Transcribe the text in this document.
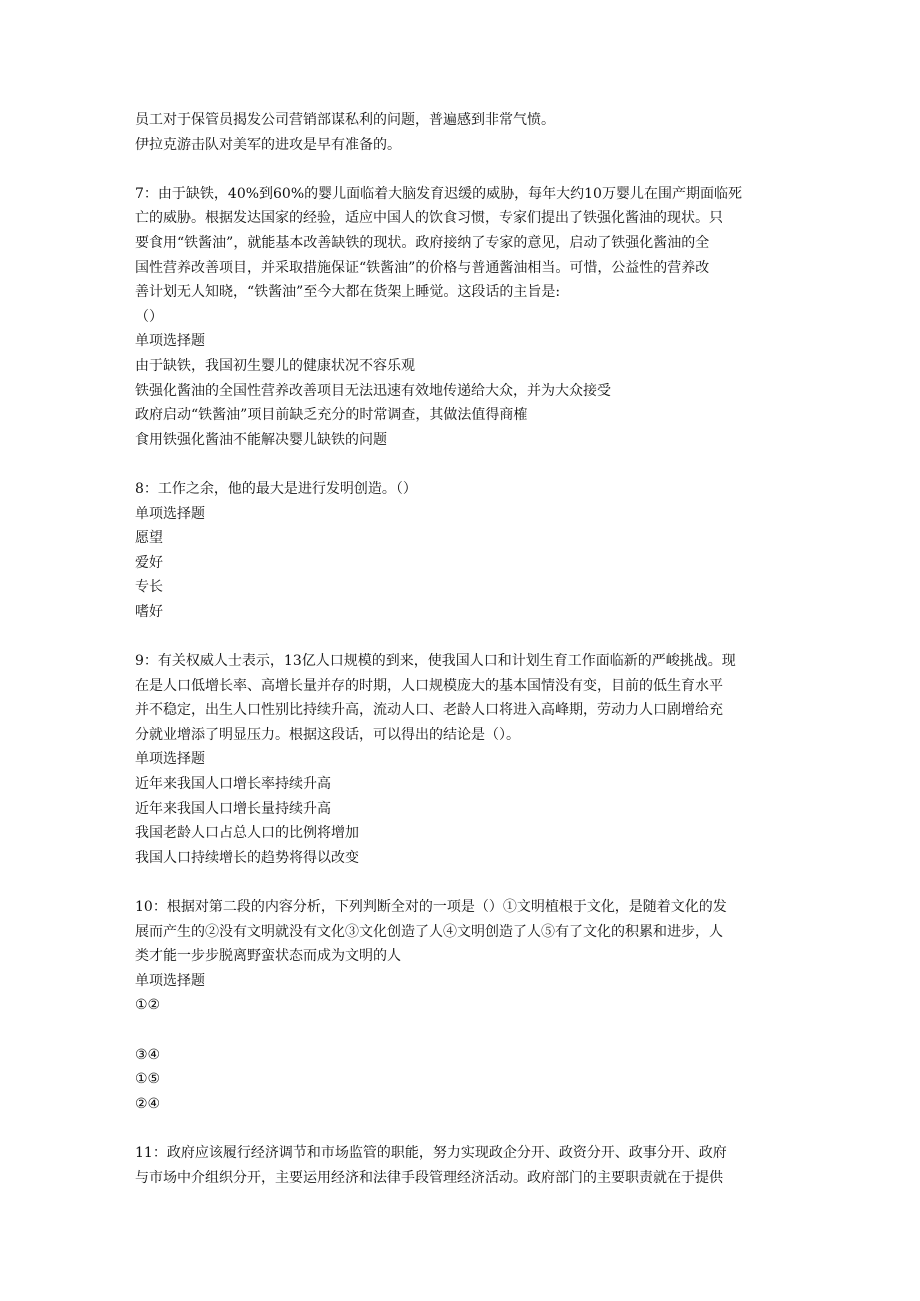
员工对于保管员揭发公司营销部谋私利的问题，普遍感到非常气愤。
伊拉克游击队对美军的进攻是早有准备的。
7：由于缺铁，40%到60%的婴儿面临着大脑发育迟缓的威胁，每年大约10万婴儿在围产期面临死
亡的威胁。根据发达国家的经验，适应中国人的饮食习惯，专家们提出了铁强化酱油的现状。只
要食用“铁酱油”，就能基本改善缺铁的现状。政府接纳了专家的意见，启动了铁强化酱油的全
国性营养改善项目，并采取措施保证“铁酱油”的价格与普通酱油相当。可惜，公益性的营养改
善计划无人知晓，“铁酱油”至今大都在货架上睡觉。这段话的主旨是:
（）
单项选择题
由于缺铁，我国初生婴儿的健康状况不容乐观
铁强化酱油的全国性营养改善项目无法迅速有效地传递给大众，并为大众接受
政府启动“铁酱油”项目前缺乏充分的时常调查，其做法值得商榷
食用铁强化酱油不能解决婴儿缺铁的问题
8：工作之余，他的最大是进行发明创造。（）
单项选择题
愿望
爱好
专长
嗜好
9：有关权威人士表示，13亿人口规模的到来，使我国人口和计划生育工作面临新的严峻挑战。现
在是人口低增长率、高增长量并存的时期，人口规模庞大的基本国情没有变，目前的低生育水平
并不稳定，出生人口性别比持续升高，流动人口、老龄人口将进入高峰期，劳动力人口剧增给充
分就业增添了明显压力。根据这段话，可以得出的结论是（）。
单项选择题
近年来我国人口增长率持续升高
近年来我国人口增长量持续升高
我国老龄人口占总人口的比例将增加
我国人口持续增长的趋势将得以改变
10：根据对第二段的内容分析，下列判断全对的一项是（）①文明植根于文化，是随着文化的发
展而产生的②没有文明就没有文化③文化创造了人④文明创造了人⑤有了文化的积累和进步，人
类才能一步步脱离野蛮状态而成为文明的人
单项选择题
①②
③④
①⑤
②④
11：政府应该履行经济调节和市场监管的职能，努力实现政企分开、政资分开、政事分开、政府
与市场中介组织分开，主要运用经济和法律手段管理经济活动。政府部门的主要职责就在于提供
